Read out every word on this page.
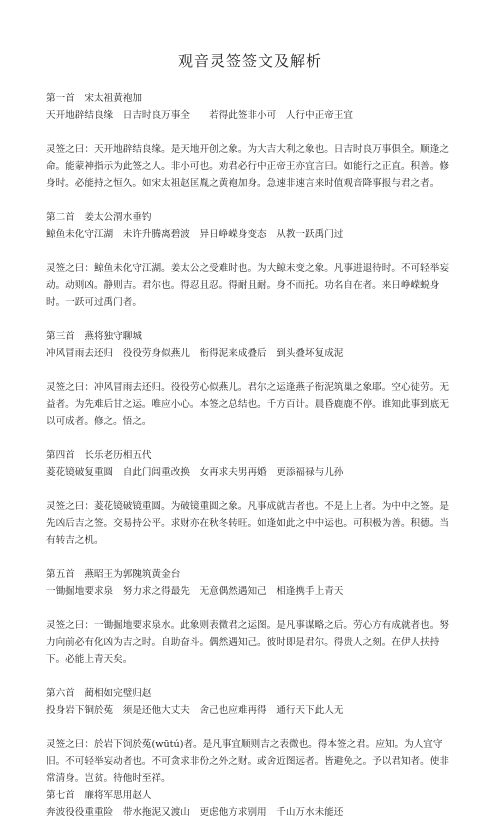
观音灵签签文及解析

第一首　宋太祖黄袍加

天开地辟结良缘　日吉时良万事全　　若得此签非小可　人行中正帝王宜

灵签之曰：天开地辟结良缘。是天地开创之象。为大吉大利之象也。日吉时良万事俱全。顺逢之命。能蒙神指示为此签之人。非小可也。劝君必行中正帝王亦宜言曰。如能行之正直。积善。修身时。必能持之恒久。如宋太祖赵匡胤之黄袍加身。急速非速言来时值观音降事报与君之者。

第二首　姜太公渭水垂钓

鲸鱼未化守江湖　未许升腾离碧波　异日峥嵘身变态　从教一跃禹门过

灵签之曰：鲸鱼未化守江湖。姜太公之受难时也。为大鲸未变之象。凡事进退待时。不可轻举妄动。动则凶。静则吉。君尔也。得忍且忍。得耐且耐。身不而托。功名自在者。来日峥嵘蜕身时。一跃可过禹门者。

第三首　燕将独守聊城

冲风冒雨去还归　役役劳身似燕儿　衔得泥来成叠后　到头叠坏复成泥

灵签之曰：冲风冒雨去还归。役役劳心似燕儿。君尔之运逢燕子衔泥筑巢之象耶。空心徒劳。无益者。为先难后甘之运。唯应小心。本签之总结也。千方百计。晨昏鹿鹿不停。谁知此事到底无以可成者。修之。悟之。

第四首　长乐老历相五代

菱花镜破复重圆　自此门闾重改换　女再求夫男再婚　更添福禄与儿孙

灵签之曰：菱花镜破镜重圆。为破镜重圆之象。凡事成就吉者也。不是上上者。为中中之签。是先凶后吉之签。交易持公平。求财亦在秋冬转旺。如逢如此之中中运也。可积极为善。积德。当有转吉之机。

第五首　燕昭王为郭隗筑黄金台

一锄掘地要求泉　努力求之得最先　无意偶然遇知己　相逢携手上青天

灵签之曰：一锄掘地要求泉水。此象则表微君之运图。是凡事谋略之后。劳心方有成就者也。努力向前必有化凶为吉之时。自助奋斗。偶然遇知己。彼时即是君尔。得贵人之刻。在伊人扶持下。必能上青天矣。

第六首　蔺相如完璧归赵

投身岩下铜於菟　须是还他大丈夫　舍己也应难再得　通行天下此人无

灵签之曰：於岩下饲於菟(wūtú)者。是凡事宜顺则吉之表微也。得本签之君。应知。为人宜守旧。不可轻举妄动者也。不可贪求非份之外之财。或舍近图远者。皆避免之。予以君知者。使非常清身。岂贫。待他时至祥。

第七首　廉将军思用赵人

奔波役役重重险　带水拖泥又渡山　更虑他方求别用　千山万水未能还
